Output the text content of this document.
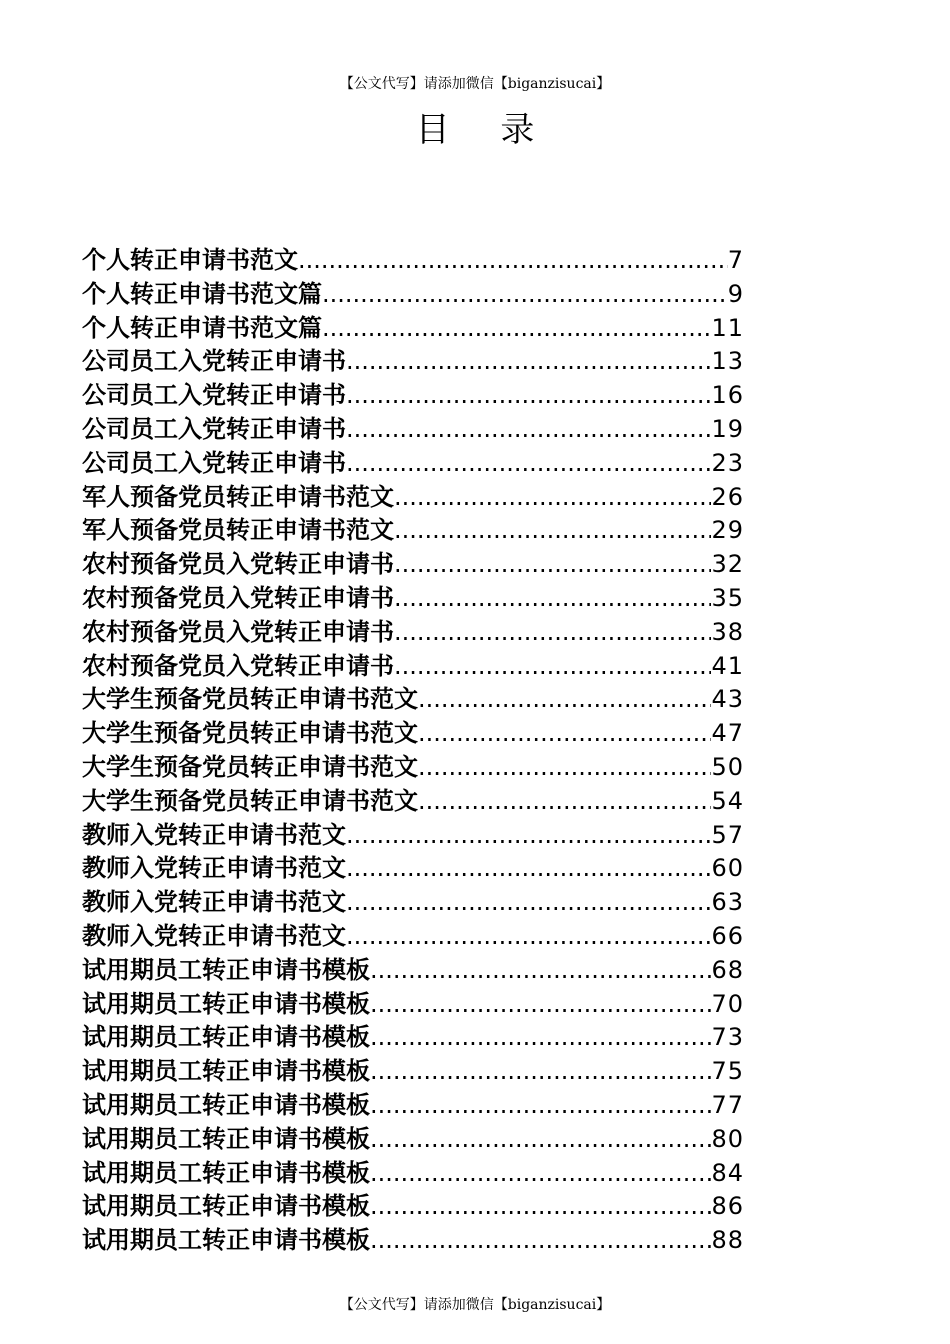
【公文代写】请添加微信【biganzisucai】
目 录
个人转正申请书范文 .....	7
个人转正申请书范文篇 .....	9
个人转正申请书范文篇 .....	11
公司员工入党转正申请书 .....	13
公司员工入党转正申请书 .....	16
公司员工入党转正申请书 .....	19
公司员工入党转正申请书 .....	23
军人预备党员转正申请书范文 .....	26
军人预备党员转正申请书范文 .....	29
农村预备党员入党转正申请书 .....	32
农村预备党员入党转正申请书 .....	35
农村预备党员入党转正申请书 .....	38
农村预备党员入党转正申请书 .....	41
大学生预备党员转正申请书范文 .....	43
大学生预备党员转正申请书范文 .....	47
大学生预备党员转正申请书范文 .....	50
大学生预备党员转正申请书范文 .....	54
教师入党转正申请书范文 .....	57
教师入党转正申请书范文 .....	60
教师入党转正申请书范文 .....	63
教师入党转正申请书范文 .....	66
试用期员工转正申请书模板 .....	68
试用期员工转正申请书模板 .....	70
试用期员工转正申请书模板 .....	73
试用期员工转正申请书模板 .....	75
试用期员工转正申请书模板 .....	77
试用期员工转正申请书模板 .....	80
试用期员工转正申请书模板 .....	84
试用期员工转正申请书模板 .....	86
试用期员工转正申请书模板 .....	88
【公文代写】请添加微信【biganzisucai】
